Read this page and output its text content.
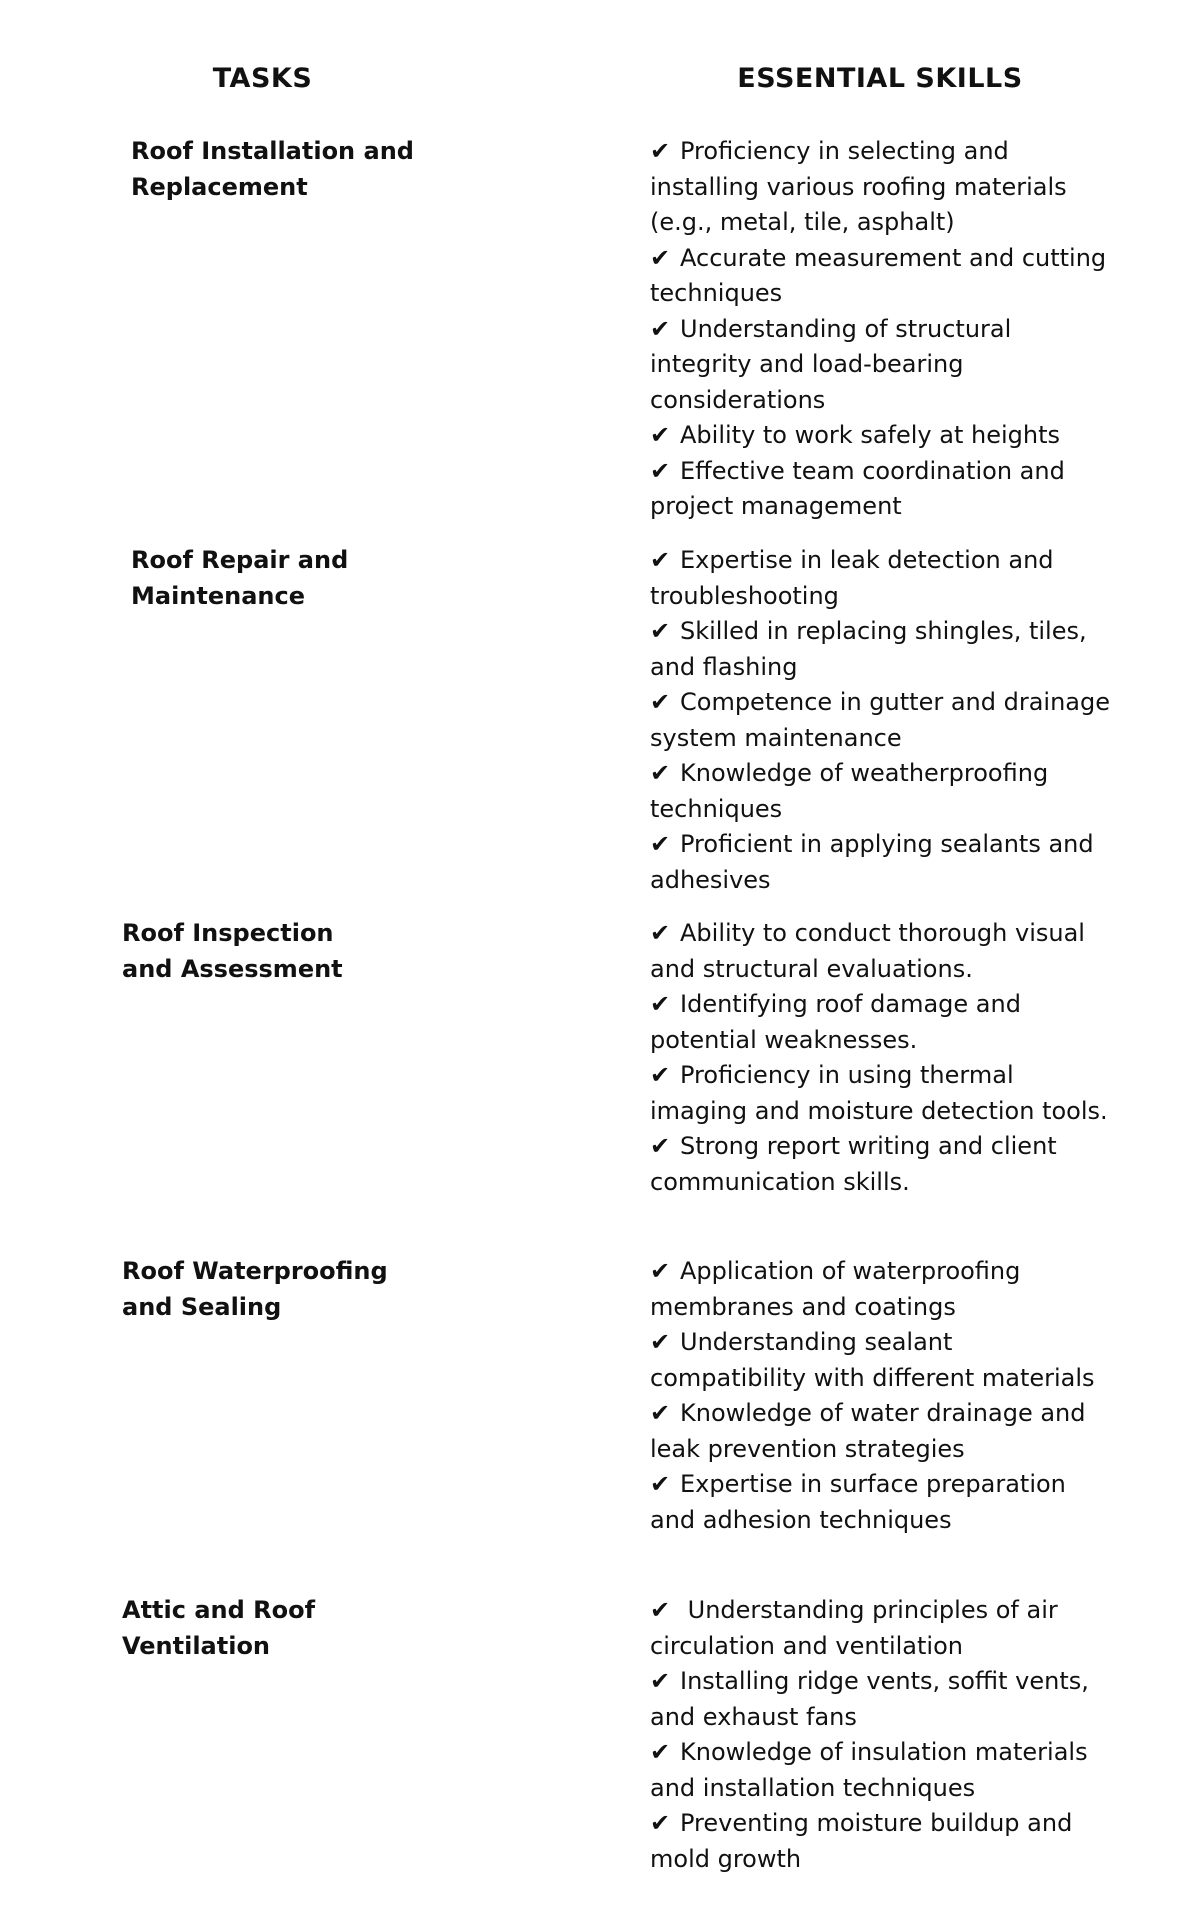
TASKS	ESSENTIAL SKILLS
Roof Installation and Replacement
✔ Proficiency in selecting and installing various roofing materials (e.g., metal, tile, asphalt)
✔ Accurate measurement and cutting techniques
✔ Understanding of structural integrity and load-bearing considerations
✔ Ability to work safely at heights
✔ Effective team coordination and project management
Roof Repair and Maintenance
✔ Expertise in leak detection and troubleshooting
✔ Skilled in replacing shingles, tiles, and flashing
✔ Competence in gutter and drainage system maintenance
✔ Knowledge of weatherproofing techniques
✔ Proficient in applying sealants and adhesives
Roof Inspection and Assessment
✔ Ability to conduct thorough visual and structural evaluations.
✔ Identifying roof damage and potential weaknesses.
✔ Proficiency in using thermal imaging and moisture detection tools.
✔ Strong report writing and client communication skills.
Roof Waterproofing and Sealing
✔ Application of waterproofing membranes and coatings
✔ Understanding sealant compatibility with different materials
✔ Knowledge of water drainage and leak prevention strategies
✔ Expertise in surface preparation and adhesion techniques
Attic and Roof Ventilation
✔ Understanding principles of air circulation and ventilation
✔ Installing ridge vents, soffit vents, and exhaust fans
✔ Knowledge of insulation materials and installation techniques
✔ Preventing moisture buildup and mold growth
